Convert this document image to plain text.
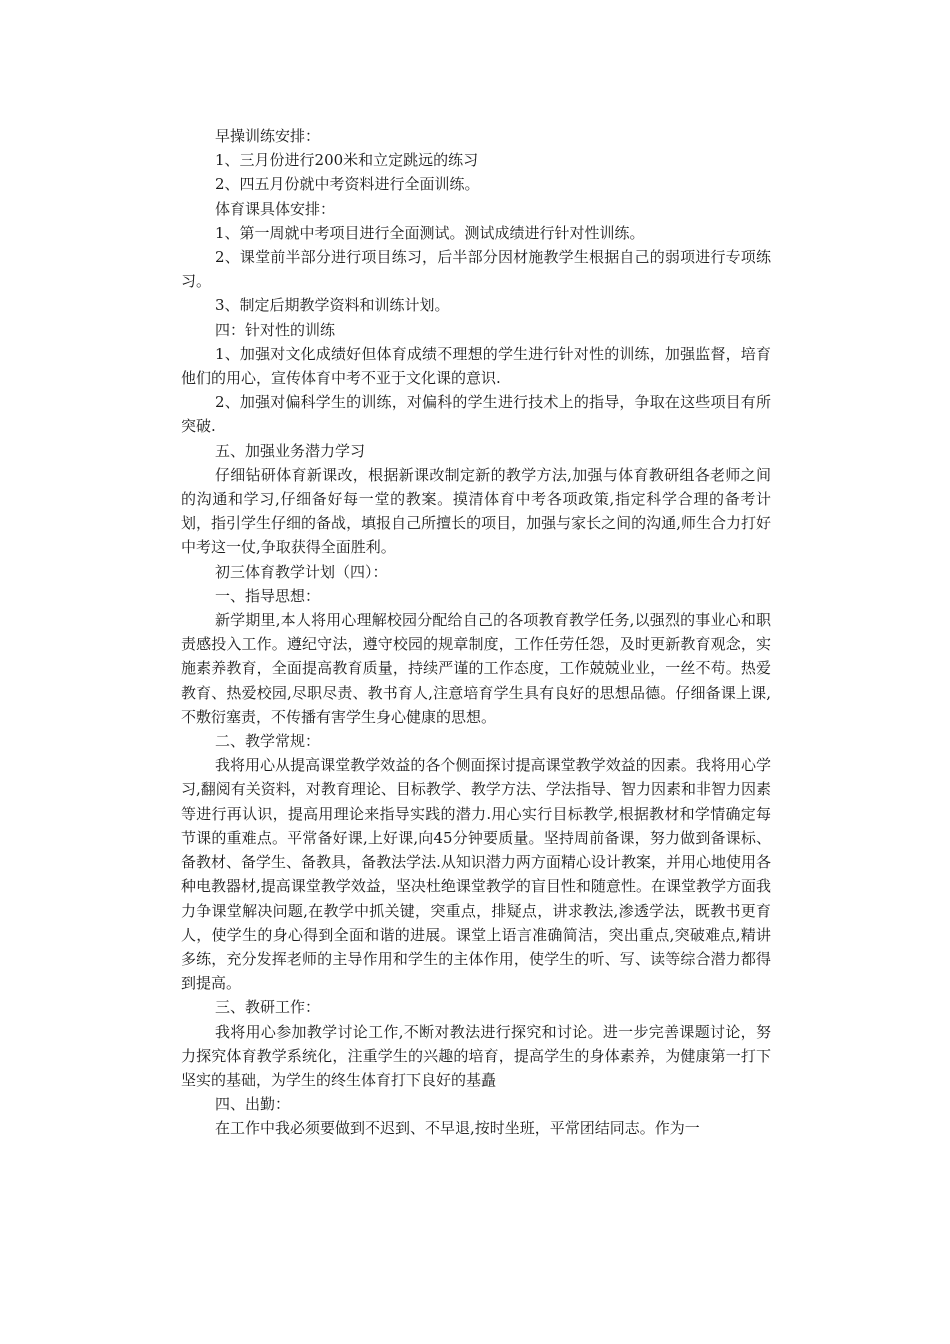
早操训练安排：

1、三月份进行200米和立定跳远的练习

2、四五月份就中考资料进行全面训练。

体育课具体安排：

1、第一周就中考项目进行全面测试。测试成绩进行针对性训练。

2、课堂前半部分进行项目练习，后半部分因材施教学生根据自己的弱项进行专项练习。

3、制定后期教学资料和训练计划。

四：针对性的训练

1、加强对文化成绩好但体育成绩不理想的学生进行针对性的训练，加强监督，培育他们的用心，宣传体育中考不亚于文化课的意识.

2、加强对偏科学生的训练，对偏科的学生进行技术上的指导，争取在这些项目有所突破.

五、加强业务潜力学习

仔细钻研体育新课改，根据新课改制定新的教学方法,加强与体育教研组各老师之间的沟通和学习,仔细备好每一堂的教案。摸清体育中考各项政策,指定科学合理的备考计划，指引学生仔细的备战，填报自己所擅长的项目，加强与家长之间的沟通,师生合力打好中考这一仗,争取获得全面胜利。

初三体育教学计划（四）：

一、指导思想：

新学期里,本人将用心理解校园分配给自己的各项教育教学任务,以强烈的事业心和职责感投入工作。遵纪守法，遵守校园的规章制度，工作任劳任怨，及时更新教育观念，实施素养教育，全面提高教育质量，持续严谨的工作态度，工作兢兢业业，一丝不苟。热爱教育、热爱校园,尽职尽责、教书育人,注意培育学生具有良好的思想品德。仔细备课上课,不敷衍塞责，不传播有害学生身心健康的思想。

二、教学常规：

我将用心从提高课堂教学效益的各个侧面探讨提高课堂教学效益的因素。我将用心学习,翻阅有关资料，对教育理论、目标教学、教学方法、学法指导、智力因素和非智力因素等进行再认识，提高用理论来指导实践的潜力.用心实行目标教学,根据教材和学情确定每节课的重难点。平常备好课,上好课,向45分钟要质量。坚持周前备课，努力做到备课标、备教材、备学生、备教具，备教法学法.从知识潜力两方面精心设计教案，并用心地使用各种电教器材,提高课堂教学效益，坚决杜绝课堂教学的盲目性和随意性。在课堂教学方面我力争课堂解决问题,在教学中抓关键，突重点，排疑点，讲求教法,渗透学法，既教书更育人，使学生的身心得到全面和谐的进展。课堂上语言准确简洁，突出重点,突破难点,精讲多练，充分发挥老师的主导作用和学生的主体作用，使学生的听、写、读等综合潜力都得到提高。

三、教研工作：

我将用心参加教学讨论工作,不断对教法进行探究和讨论。进一步完善课题讨论，努力探究体育教学系统化，注重学生的兴趣的培育，提高学生的身体素养，为健康第一打下坚实的基础，为学生的终生体育打下良好的基矗

四、出勤：

在工作中我必须要做到不迟到、不早退,按时坐班，平常团结同志。作为一
